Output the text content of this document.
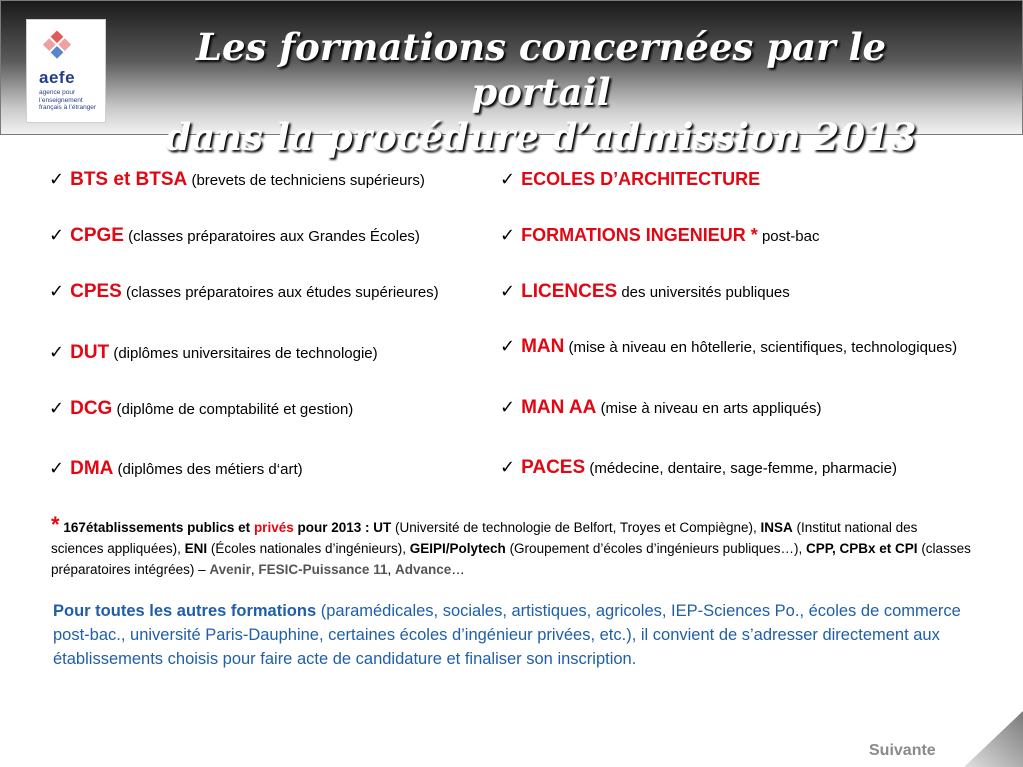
aefe
agence pour l’enseignement français à l’étranger
Les formations concernées par le portail
dans la procédure d’admission 2013
✓ BTS et BTSA (brevets de techniciens supérieurs)
✓ CPGE (classes préparatoires aux Grandes Écoles)
✓ CPES (classes préparatoires aux études supérieures)
✓ DUT (diplômes universitaires de technologie)
✓ DCG (diplôme de comptabilité et gestion)
✓ DMA (diplômes des métiers d‘art)
✓ ECOLES D’ARCHITECTURE
✓ FORMATIONS INGENIEUR * post-bac
✓ LICENCES des universités publiques
✓ MAN (mise à niveau en hôtellerie, scientifiques, technologiques)
✓ MAN AA (mise à niveau en arts appliqués)
✓ PACES (médecine, dentaire, sage-femme, pharmacie)
* 167établissements publics et privés pour 2013 : UT (Université de technologie de Belfort, Troyes et Compiègne), INSA (Institut national des sciences appliquées), ENI (Écoles nationales d’ingénieurs), GEIPI/Polytech (Groupement d’écoles d’ingénieurs publiques…), CPP, CPBx et CPI (classes préparatoires intégrées) – Avenir, FESIC-Puissance 11, Advance…
Pour toutes les autres formations (paramédicales, sociales, artistiques, agricoles, IEP-Sciences Po., écoles de commerce post-bac., université Paris-Dauphine, certaines écoles d’ingénieur privées, etc.), il convient de s’adresser directement aux établissements choisis pour faire acte de candidature et finaliser son inscription.
Suivante
